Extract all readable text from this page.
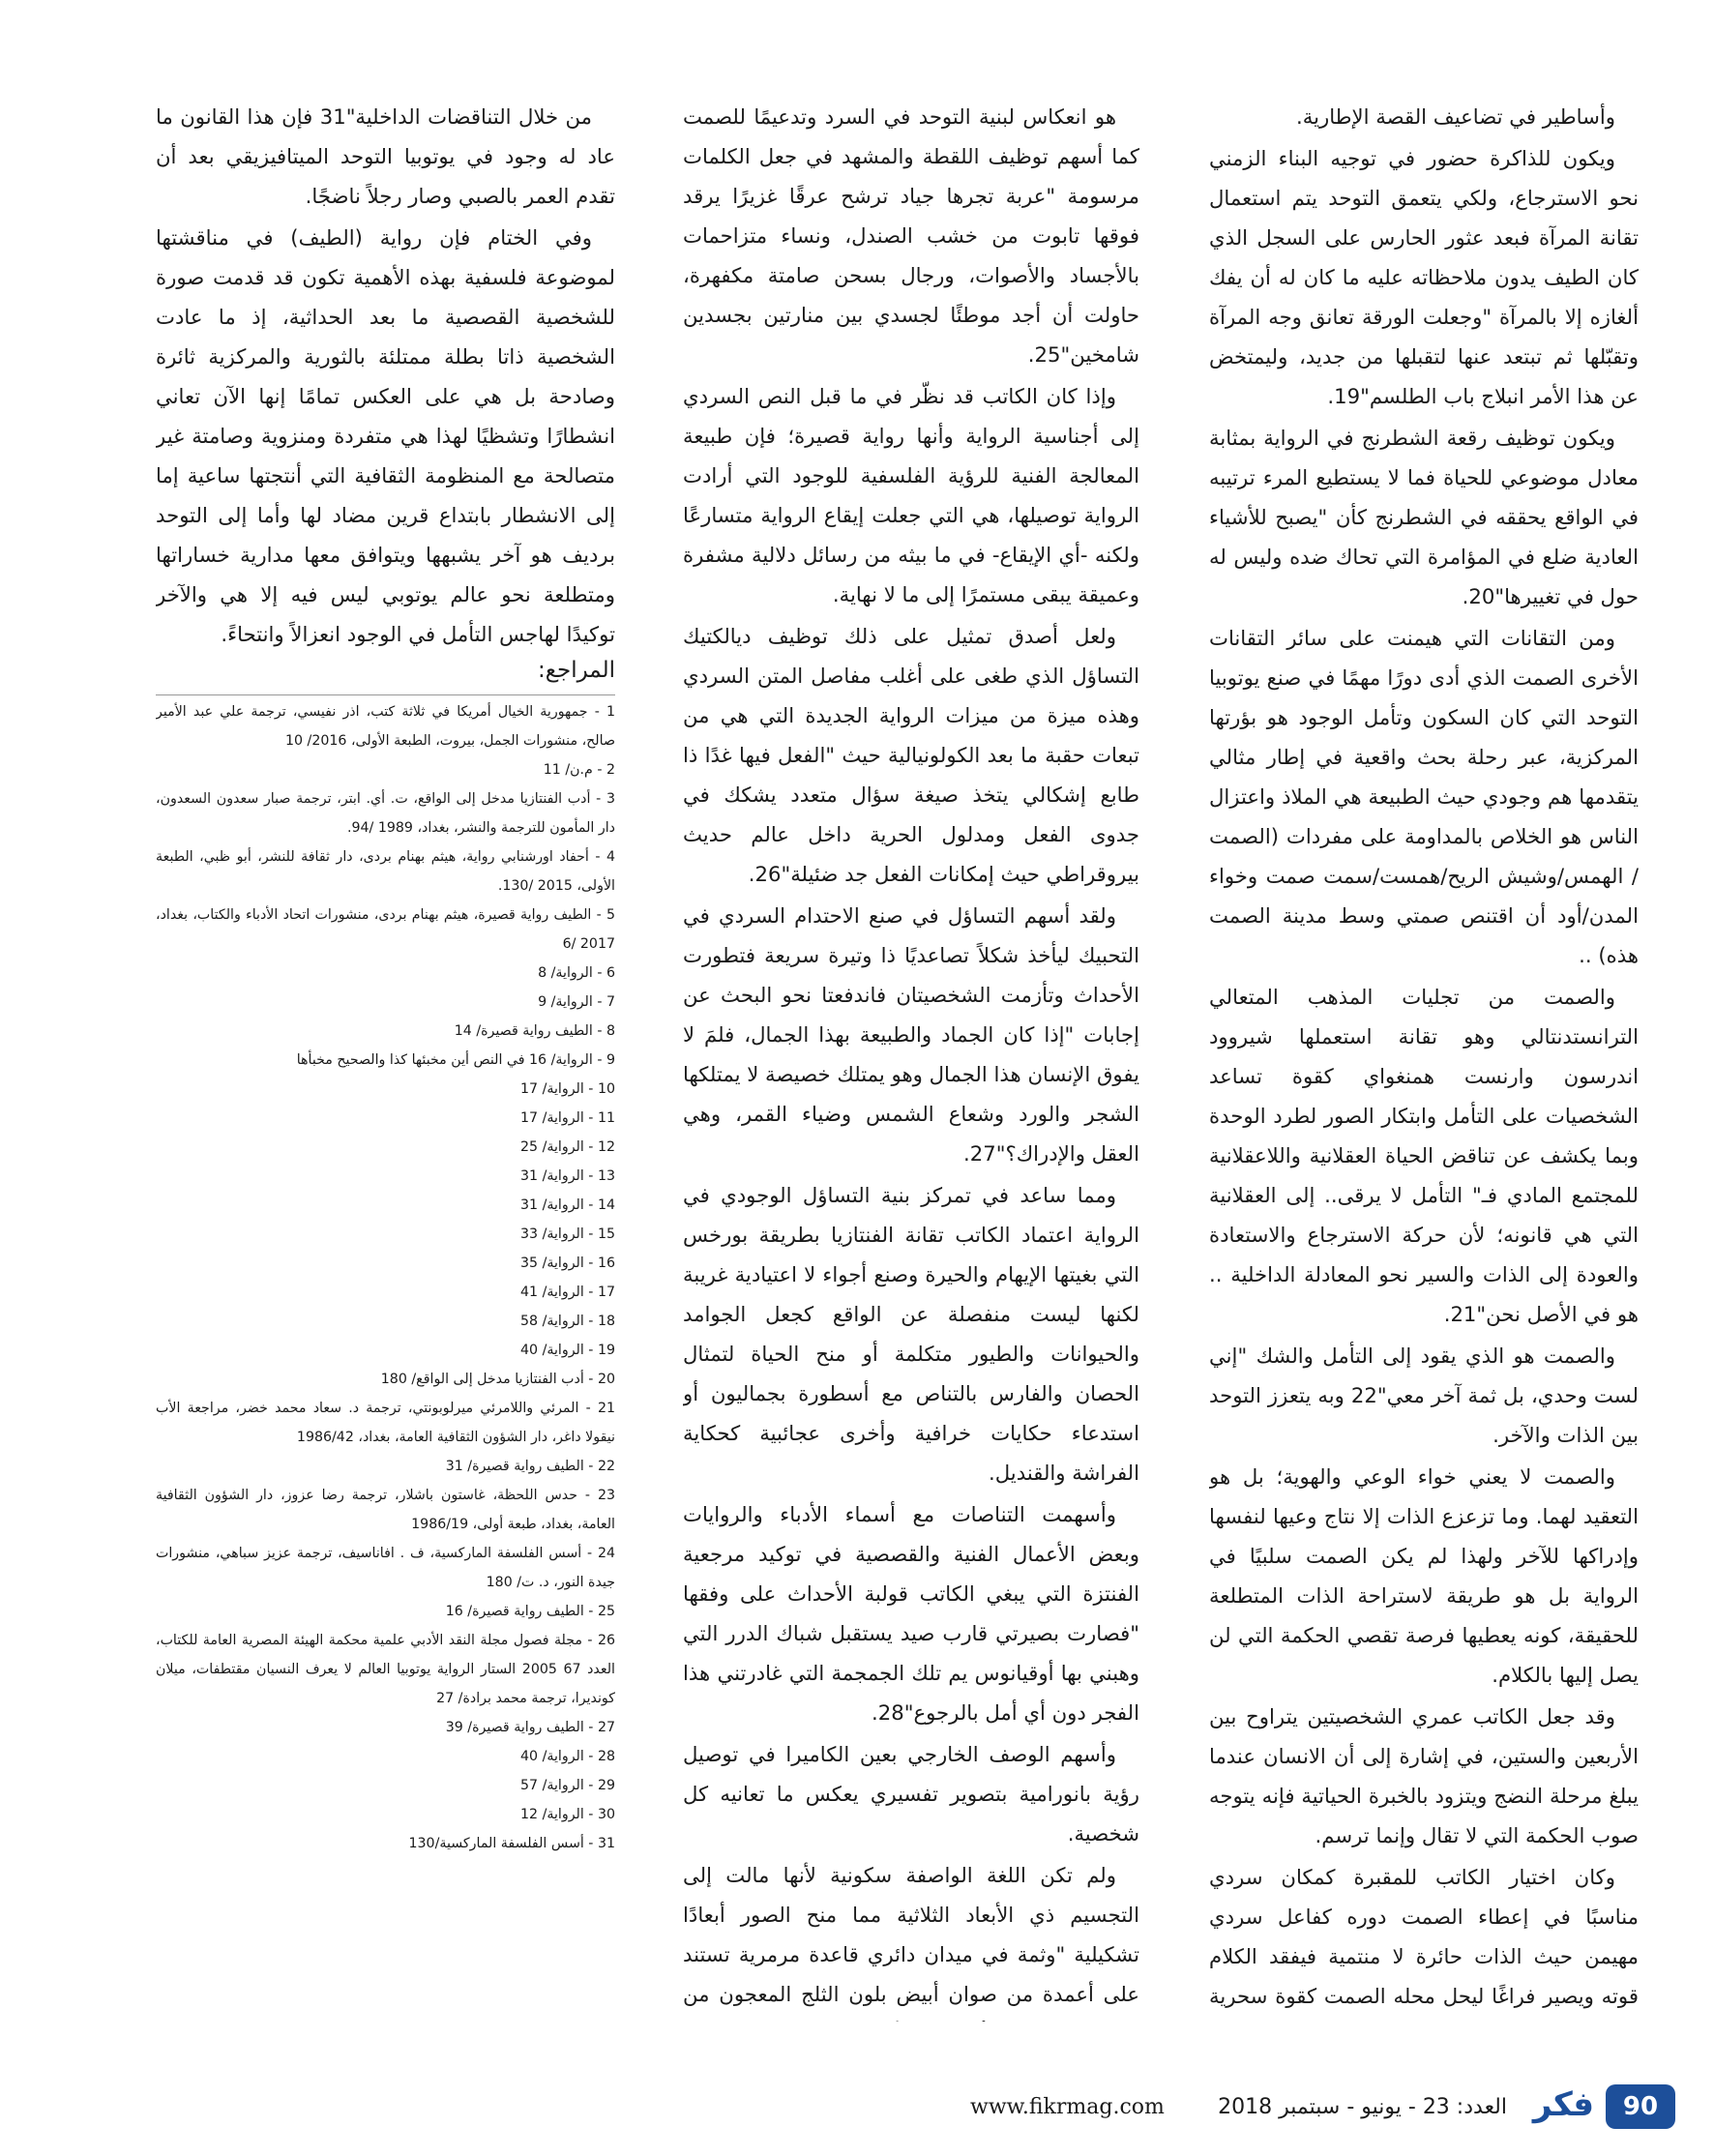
وأساطير في تضاعيف القصة الإطارية.

ويكون للذاكرة حضور في توجيه البناء الزمني نحو الاسترجاع، ولكي يتعمق التوحد يتم استعمال تقانة المرآة فبعد عثور الحارس على السجل الذي كان الطيف يدون ملاحظاته عليه ما كان له أن يفك ألغازه إلا بالمرآة "وجعلت الورقة تعانق وجه المرآة وتقبّلها ثم تبتعد عنها لتقبلها من جديد، وليمتخض عن هذا الأمر انبلاج باب الطلسم"19.

ويكون توظيف رقعة الشطرنج في الرواية بمثابة معادل موضوعي للحياة فما لا يستطيع المرء ترتيبه في الواقع يحققه في الشطرنج كأن "يصبح للأشياء العادية ضلع في المؤامرة التي تحاك ضده وليس له حول في تغييرها"20.

ومن التقانات التي هيمنت على سائر التقانات الأخرى الصمت الذي أدى دورًا مهمًا في صنع يوتوبيا التوحد التي كان السكون وتأمل الوجود هو بؤرتها المركزية، عبر رحلة بحث واقعية في إطار مثالي يتقدمها هم وجودي حيث الطبيعة هي الملاذ واعتزال الناس هو الخلاص بالمداومة على مفردات (الصمت / الهمس/وشيش الريح/همست/سمت صمت وخواء المدن/أود أن اقتنص صمتي وسط مدينة الصمت هذه) ..

والصمت من تجليات المذهب المتعالي الترانستدنتالي وهو تقانة استعملها شيروود اندرسون وارنست همنغواي كقوة تساعد الشخصيات على التأمل وابتكار الصور لطرد الوحدة وبما يكشف عن تناقض الحياة العقلانية واللاعقلانية للمجتمع المادي فـ" التأمل لا يرقى.. إلى العقلانية التي هي قانونه؛ لأن حركة الاسترجاع والاستعادة والعودة إلى الذات والسير نحو المعادلة الداخلية .. هو في الأصل نحن"21.

والصمت هو الذي يقود إلى التأمل والشك "إني لست وحدي، بل ثمة آخر معي"22 وبه يتعزز التوحد بين الذات والآخر.

والصمت لا يعني خواء الوعي والهوية؛ بل هو التعقيد لهما. وما تزعزع الذات إلا نتاج وعيها لنفسها وإدراكها للآخر ولهذا لم يكن الصمت سلبيًا في الرواية بل هو طريقة لاستراحة الذات المتطلعة للحقيقة، كونه يعطيها فرصة تقصي الحكمة التي لن يصل إليها بالكلام.

وقد جعل الكاتب عمري الشخصيتين يتراوح بين الأربعين والستين، في إشارة إلى أن الانسان عندما يبلغ مرحلة النضج ويتزود بالخبرة الحياتية فإنه يتوجه صوب الحكمة التي لا تقال وإنما ترسم.

وكان اختيار الكاتب للمقبرة كمكان سردي مناسبًا في إعطاء الصمت دوره كفاعل سردي مهيمن حيث الذات حائرة لا منتمية فيفقد الكلام قوته ويصير فراغًا ليحل محله الصمت كقوة سحرية

هو انعكاس لبنية التوحد في السرد وتدعيمًا للصمت كما أسهم توظيف اللقطة والمشهد في جعل الكلمات مرسومة "عربة تجرها جياد ترشح عرقًا غزيرًا يرقد فوقها تابوت من خشب الصندل، ونساء متزاحمات بالأجساد والأصوات، ورجال بسحن صامتة مكفهرة، حاولت أن أجد موطئًا لجسدي بين منارتين بجسدين شامخين"25.

وإذا كان الكاتب قد نظّر في ما قبل النص السردي إلى أجناسية الرواية وأنها رواية قصيرة؛ فإن طبيعة المعالجة الفنية للرؤية الفلسفية للوجود التي أرادت الرواية توصيلها، هي التي جعلت إيقاع الرواية متسارعًا ولكنه -أي الإيقاع- في ما بيثه من رسائل دلالية مشفرة وعميقة يبقى مستمرًا إلى ما لا نهاية.

ولعل أصدق تمثيل على ذلك توظيف ديالكتيك التساؤل الذي طغى على أغلب مفاصل المتن السردي وهذه ميزة من ميزات الرواية الجديدة التي هي من تبعات حقبة ما بعد الكولونيالية حيث "الفعل فيها غدًا ذا طابع إشكالي يتخذ صيغة سؤال متعدد يشكك في جدوى الفعل ومدلول الحرية داخل عالم حديث بيروقراطي حيث إمكانات الفعل جد ضئيلة"26.

ولقد أسهم التساؤل في صنع الاحتدام السردي في التحبيك ليأخذ شكلاً تصاعديًا ذا وتيرة سريعة فتطورت الأحداث وتأزمت الشخصيتان فاندفعتا نحو البحث عن إجابات "إذا كان الجماد والطبيعة بهذا الجمال، فلمَ لا يفوق الإنسان هذا الجمال وهو يمتلك خصيصة لا يمتلكها الشجر والورد وشعاع الشمس وضياء القمر، وهي العقل والإدراك؟"27.

ومما ساعد في تمركز بنية التساؤل الوجودي في الرواية اعتماد الكاتب تقانة الفنتازيا بطريقة بورخس التي بغيتها الإيهام والحيرة وصنع أجواء لا اعتيادية غريبة لكنها ليست منفصلة عن الواقع كجعل الجوامد والحيوانات والطيور متكلمة أو منح الحياة لتمثال الحصان والفارس بالتناص مع أسطورة بجماليون أو استدعاء حكايات خرافية وأخرى عجائبية كحكاية الفراشة والقنديل.

وأسهمت التناصات مع أسماء الأدباء والروايات وبعض الأعمال الفنية والقصصية في توكيد مرجعية الفنتزة التي يبغي الكاتب قولبة الأحداث على وفقها "فصارت بصيرتي قارب صيد يستقبل شباك الدرر التي وهبني بها أوقيانوس يم تلك الجمجمة التي غادرتني هذا الفجر دون أي أمل بالرجوع"28.

وأسهم الوصف الخارجي بعين الكاميرا في توصيل رؤية بانورامية بتصوير تفسيري يعكس ما تعانيه كل شخصية.

ولم تكن اللغة الواصفة سكونية لأنها مالت إلى التجسيم ذي الأبعاد الثلاثية مما منح الصور أبعادًا تشكيلية "وثمة في ميدان دائري قاعدة مرمرية تستند على أعمدة من صوان أبيض بلون الثلج المعجون من

من خلال التناقضات الداخلية"31 فإن هذا القانون ما عاد له وجود في يوتوبيا التوحد الميتافيزيقي بعد أن تقدم العمر بالصبي وصار رجلاً ناضجًا.

وفي الختام فإن رواية (الطيف) في مناقشتها لموضوعة فلسفية بهذه الأهمية تكون قد قدمت صورة للشخصية القصصية ما بعد الحداثية، إذ ما عادت الشخصية ذاتا بطلة ممتلئة بالثورية والمركزية ثائرة وصادحة بل هي على العكس تمامًا إنها الآن تعاني انشطارًا وتشظيًا لهذا هي متفردة ومنزوية وصامتة غير متصالحة مع المنظومة الثقافية التي أنتجتها ساعية إما إلى الانشطار بابتداع قرين مضاد لها وأما إلى التوحد برديف هو آخر يشبهها ويتوافق معها مدارية خساراتها ومتطلعة نحو عالم يوتوبي ليس فيه إلا هي والآخر توكيدًا لهاجس التأمل في الوجود انعزالاً وانتحاءً.

المراجع:

1 - جمهورية الخيال أمريكا في ثلاثة كتب، اذر نفيسي، ترجمة علي عبد الأمير صالح، منشورات الجمل، بيروت، الطبعة الأولى، 2016/ 10
2 - م.ن/ 11
3 - أدب الفنتازيا مدخل إلى الواقع، ت. أي. ابتر، ترجمة صبار سعدون السعدون، دار المأمون للترجمة والنشر، بغداد، 1989 /94.
4 - أحفاد اورشنابي رواية، هيثم بهنام بردى، دار ثقافة للنشر، أبو ظبي، الطبعة الأولى، 2015 /130.
5 - الطيف رواية قصيرة، هيثم بهنام بردى، منشورات اتحاد الأدباء والكتاب، بغداد، 2017 /6
6 - الرواية/ 8
7 - الرواية/ 9
8 - الطيف رواية قصيرة/ 14
9 - الرواية/ 16 في النص أين مخبئها كذا والصحيح مخبأها
10 - الرواية/ 17
11 - الرواية/ 17
12 - الرواية/ 25
13 - الرواية/ 31
14 - الرواية/ 31
15 - الرواية/ 33
16 - الرواية/ 35
17 - الرواية/ 41
18 - الرواية/ 58
19 - الرواية/ 40
20 - أدب الفنتازيا مدخل إلى الواقع/ 180
21 - المرئي واللامرئي ميرلوبونتي، ترجمة د. سعاد محمد خضر، مراجعة الأب نيقولا داغر، دار الشؤون الثقافية العامة، بغداد، 1986/42
22 - الطيف رواية قصيرة/ 31
23 - حدس اللحظة، غاستون باشلار، ترجمة رضا عزوز، دار الشؤون الثقافية العامة، بغداد، طبعة أولى، 1986/19
24 - أسس الفلسفة الماركسية، ف . افاناسيف، ترجمة عزيز سباهي، منشورات جيدة النور، د. ت/ 180
25 - الطيف رواية قصيرة/ 16
26 - مجلة فصول مجلة النقد الأدبي علمية محكمة الهيئة المصرية العامة للكتاب، العدد 67 2005 الستار الرواية يوتوبيا العالم لا يعرف النسيان مقتطفات، ميلان كونديرا، ترجمة محمد برادة/ 27
27 - الطيف رواية قصيرة/ 39
28 - الرواية/ 40
29 - الرواية/ 57
30 - الرواية/ 12
31 - أسس الفلسفة الماركسية/130
90
فكر
العدد: 23 - يونيو - سبتمبر 2018
www.fikrmag.com
